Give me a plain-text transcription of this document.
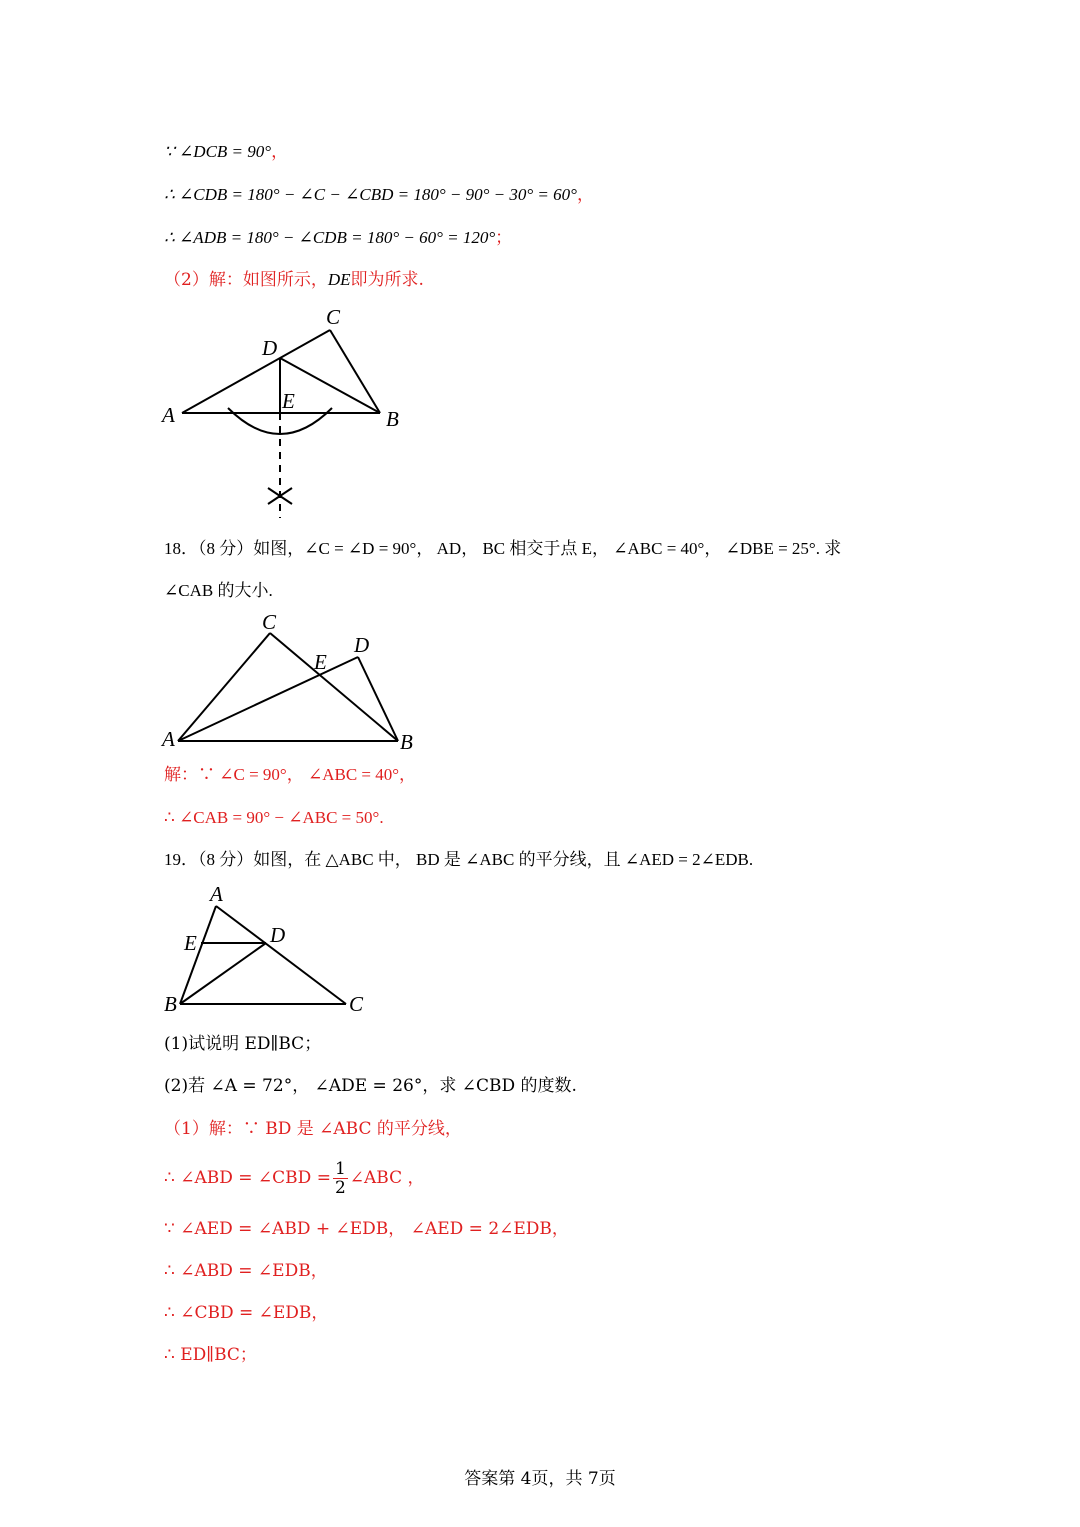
∵ ∠DCB = 90°，
∴ ∠CDB = 180° − ∠C − ∠CBD = 180° − 90° − 30° = 60°，
∴ ∠ADB = 180° − ∠CDB = 180° − 60° = 120°；
（2）解：如图所示，DE即为所求.
A	B
C
D
E
18．（8 分）如图，∠C = ∠D = 90°， AD， BC 相交于点 E， ∠ABC = 40°， ∠DBE = 25°. 求
∠CAB 的大小.
A	B
C
D
E
解：∵ ∠C = 90°， ∠ABC = 40°，
∴ ∠CAB = 90° − ∠ABC = 50°.
19．（8 分）如图，在 △ABC 中， BD 是 ∠ABC 的平分线，且 ∠AED = 2∠EDB.
A
B	C
D
E
(1)试说明 ED∥BC；
(2)若 ∠A = 72°， ∠ADE = 26°，求 ∠CBD 的度数.
（1）解：∵ BD 是 ∠ABC 的平分线，
∴ ∠ABD = ∠CBD = $\frac{1}{2}$ ∠ABC ，
∵ ∠AED = ∠ABD + ∠EDB， ∠AED = 2∠EDB，
∴ ∠ABD = ∠EDB，
∴ ∠CBD = ∠EDB，
∴ ED∥BC；
答案第 4页，共 7页
